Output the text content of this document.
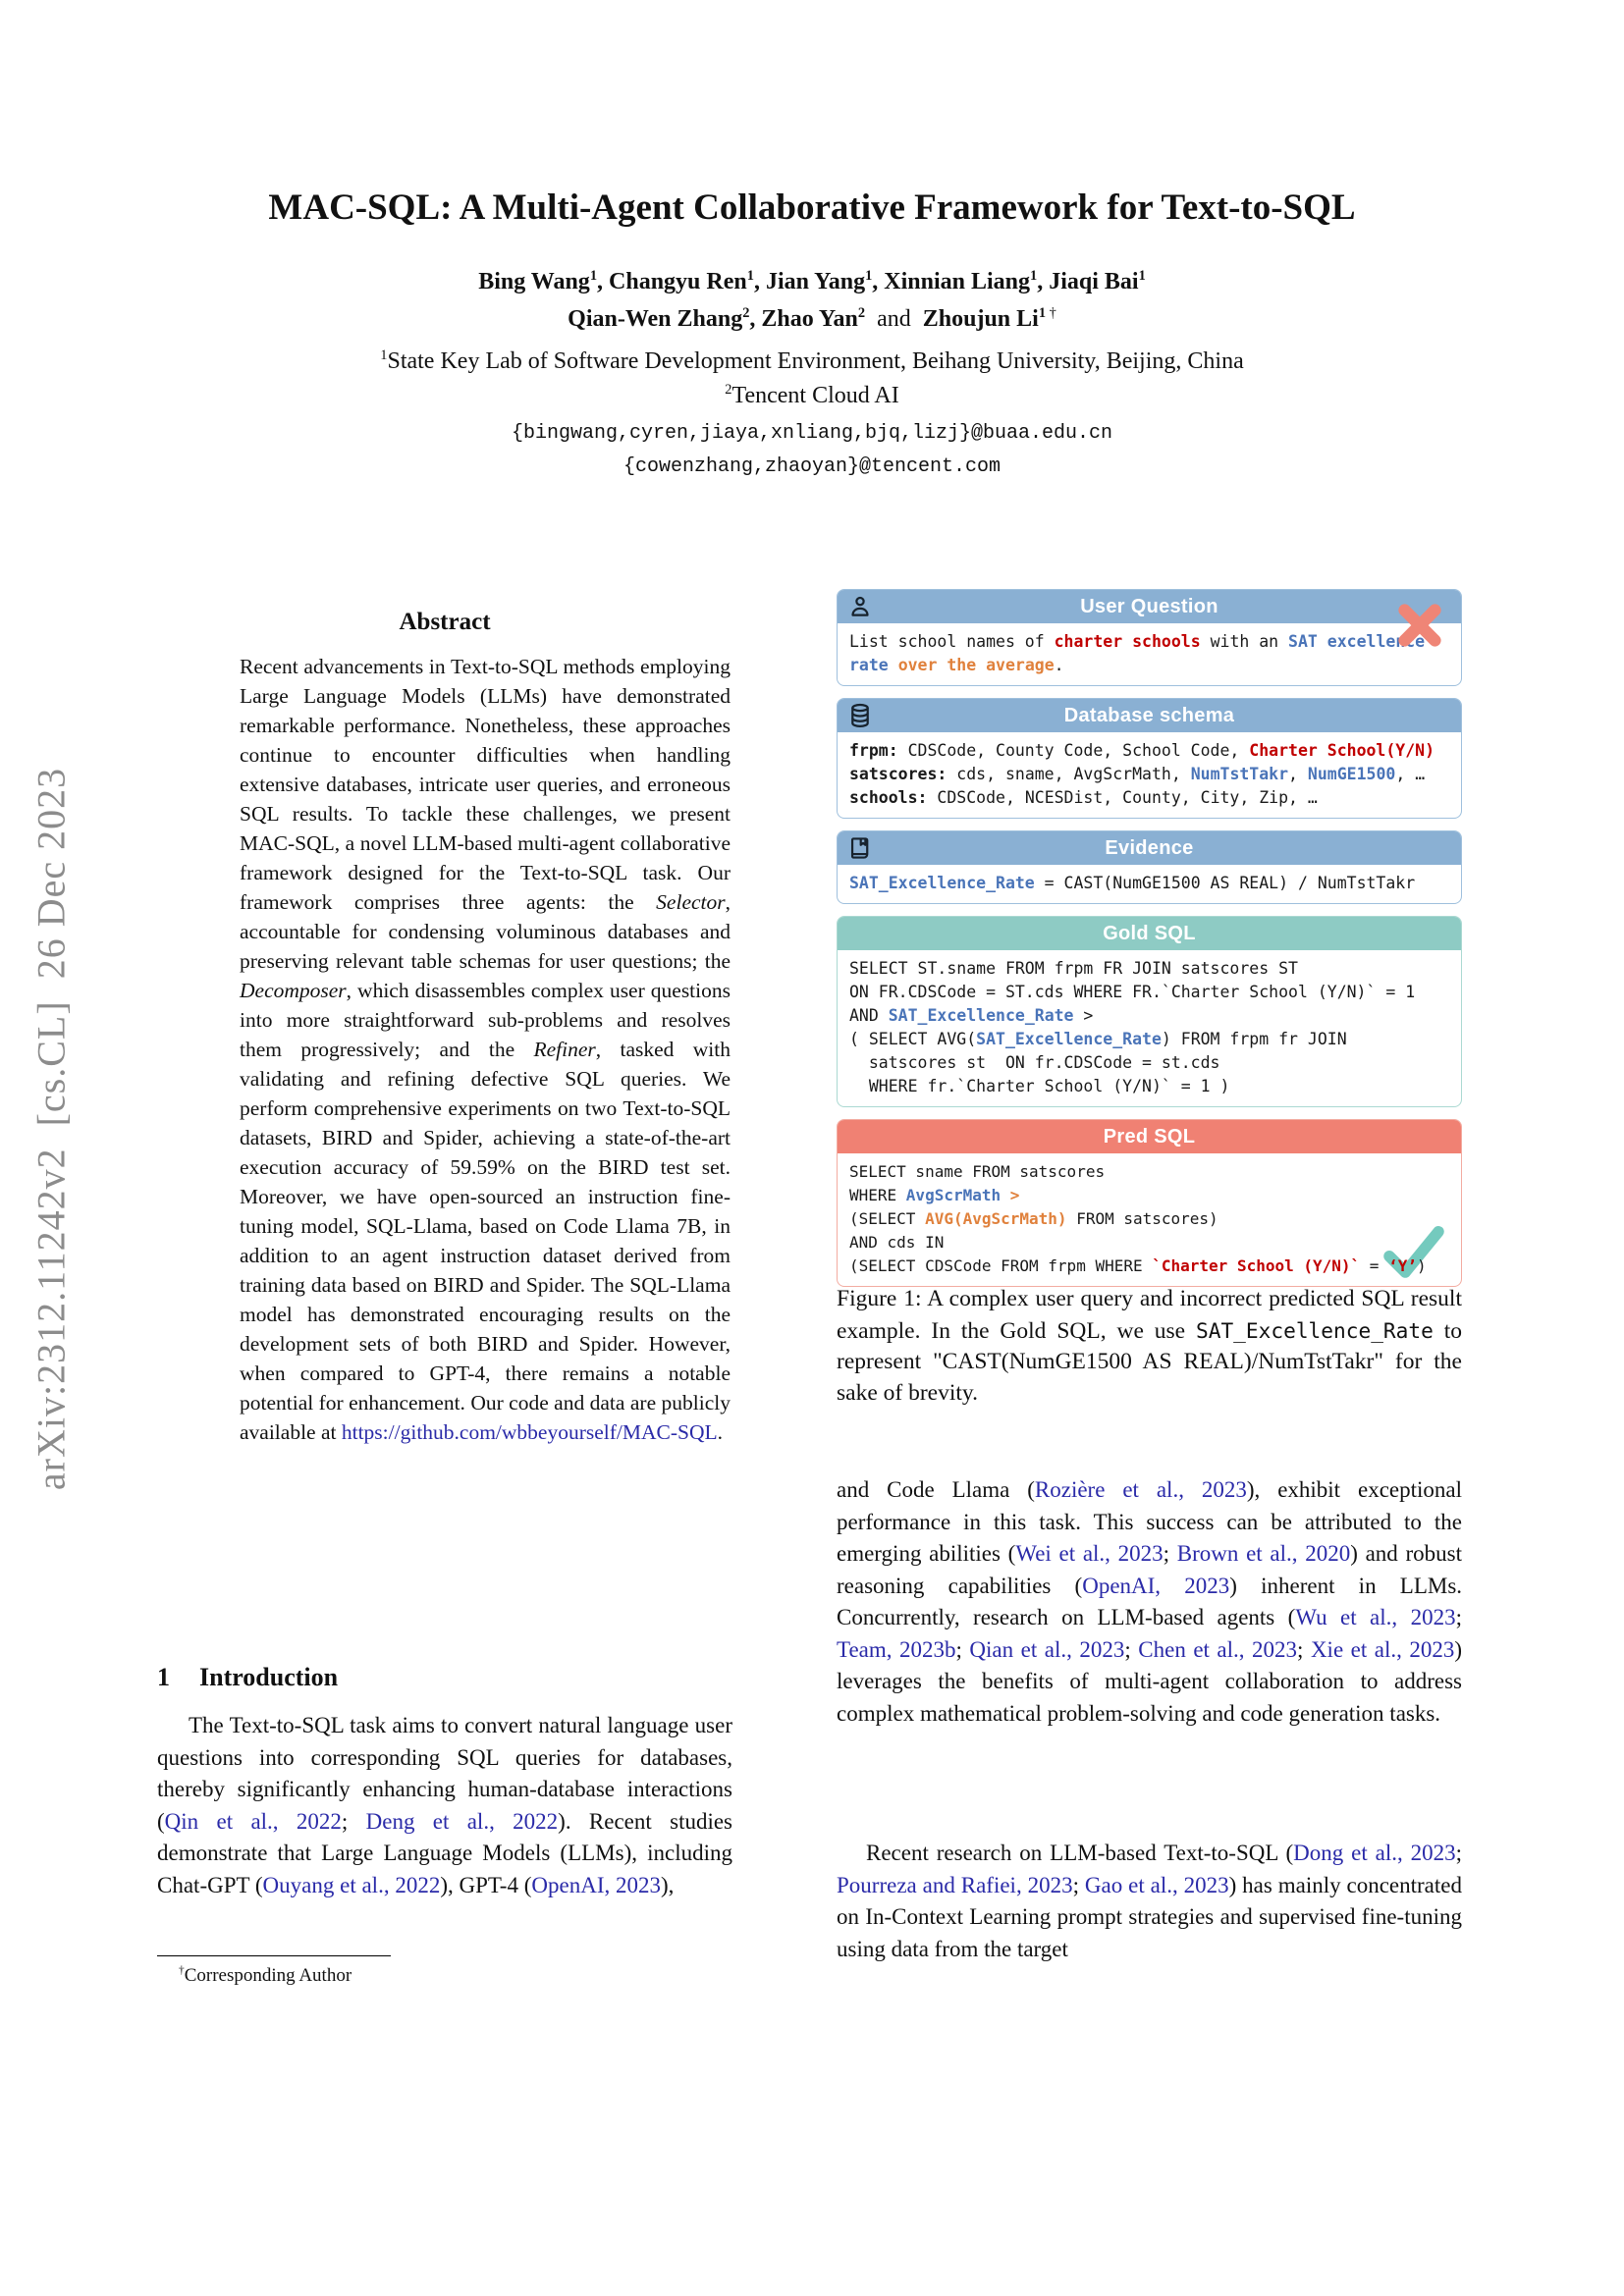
arXiv:2312.11242v2  [cs.CL]  26 Dec 2023
MAC-SQL: A Multi-Agent Collaborative Framework for Text-to-SQL
Bing Wang$^1$, Changyu Ren$^1$, Jian Yang$^1$, Xinnian Liang$^1$, Jiaqi Bai$^1$
Qian-Wen Zhang$^2$, Zhao Yan$^2$  and  Zhoujun Li$^1$ †
$^1$State Key Lab of Software Development Environment, Beihang University, Beijing, China
$^2$Tencent Cloud AI
{bingwang,cyren,jiaya,xnliang,bjq,lizj}@buaa.edu.cn
{cowenzhang,zhaoyan}@tencent.com
Abstract
Recent advancements in Text-to-SQL methods employing Large Language Models (LLMs) have demonstrated remarkable performance. Nonetheless, these approaches continue to encounter difficulties when handling extensive databases, intricate user queries, and erroneous SQL results. To tackle these challenges, we present MAC-SQL, a novel LLM-based multi-agent collaborative framework designed for the Text-to-SQL task. Our framework comprises three agents: the Selector, accountable for condensing voluminous databases and preserving relevant table schemas for user questions; the Decomposer, which disassembles complex user questions into more straightforward sub-problems and resolves them progressively; and the Refiner, tasked with validating and refining defective SQL queries. We perform comprehensive experiments on two Text-to-SQL datasets, BIRD and Spider, achieving a state-of-the-art execution accuracy of 59.59% on the BIRD test set. Moreover, we have open-sourced an instruction fine-tuning model, SQL-Llama, based on Code Llama 7B, in addition to an agent instruction dataset derived from training data based on BIRD and Spider. The SQL-Llama model has demonstrated encouraging results on the development sets of both BIRD and Spider. However, when compared to GPT-4, there remains a notable potential for enhancement. Our code and data are publicly available at https://github.com/wbbeyourself/MAC-SQL.
1 Introduction
The Text-to-SQL task aims to convert natural language user questions into corresponding SQL queries for databases, thereby significantly enhancing human-database interactions (Qin et al., 2022; Deng et al., 2022). Recent studies demonstrate that Large Language Models (LLMs), including Chat-GPT (Ouyang et al., 2022), GPT-4 (OpenAI, 2023),
†Corresponding Author
User Question
List school names of charter schools with an SAT excellence
rate over the average.
Database schema
frpm: CDSCode, County Code, School Code, Charter School(Y/N)
satscores: cds, sname, AvgScrMath, NumTstTakr, NumGE1500, …
schools: CDSCode, NCESDist, County, City, Zip, …
Evidence
SAT_Excellence_Rate = CAST(NumGE1500 AS REAL) / NumTstTakr
Gold SQL
SELECT ST.sname FROM frpm FR JOIN satscores ST
ON FR.CDSCode = ST.cds WHERE FR.`Charter School (Y/N)` = 1
AND SAT_Excellence_Rate >
( SELECT AVG(SAT_Excellence_Rate) FROM frpm fr JOIN
satscores st  ON fr.CDSCode = st.cds
WHERE fr.`Charter School (Y/N)` = 1 )
Pred SQL
SELECT sname FROM satscores
WHERE AvgScrMath >
(SELECT AVG(AvgScrMath) FROM satscores)
AND cds IN
(SELECT CDSCode FROM frpm WHERE `Charter School (Y/N)` = ‘Y’)
Figure 1: A complex user query and incorrect predicted SQL result example. In the Gold SQL, we use SAT_Excellence_Rate to represent "CAST(NumGE1500 AS REAL)/NumTstTakr" for the sake of brevity.
and Code Llama (Rozière et al., 2023), exhibit exceptional performance in this task. This success can be attributed to the emerging abilities (Wei et al., 2023; Brown et al., 2020) and robust reasoning capabilities (OpenAI, 2023) inherent in LLMs. Concurrently, research on LLM-based agents (Wu et al., 2023; Team, 2023b; Qian et al., 2023; Chen et al., 2023; Xie et al., 2023) leverages the benefits of multi-agent collaboration to address complex mathematical problem-solving and code generation tasks.
Recent research on LLM-based Text-to-SQL (Dong et al., 2023; Pourreza and Rafiei, 2023; Gao et al., 2023) has mainly concentrated on In-Context Learning prompt strategies and supervised fine-tuning using data from the target
